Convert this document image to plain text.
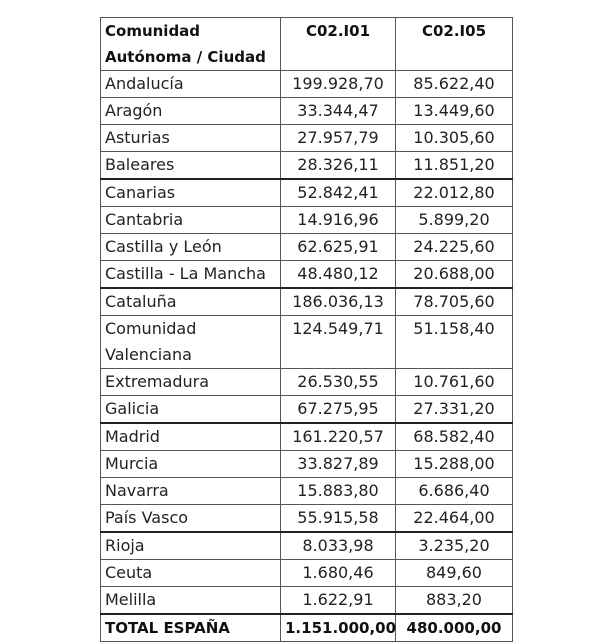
Comunidad Autónoma / Ciudad	C02.I01	C02.I05
Andalucía	199.928,70	85.622,40
Aragón	33.344,47	13.449,60
Asturias	27.957,79	10.305,60
Baleares	28.326,11	11.851,20
Canarias	52.842,41	22.012,80
Cantabria	14.916,96	5.899,20
Castilla y León	62.625,91	24.225,60
Castilla - La Mancha	48.480,12	20.688,00
Cataluña	186.036,13	78.705,60
Comunidad Valenciana	124.549,71	51.158,40
Extremadura	26.530,55	10.761,60
Galicia	67.275,95	27.331,20
Madrid	161.220,57	68.582,40
Murcia	33.827,89	15.288,00
Navarra	15.883,80	6.686,40
País Vasco	55.915,58	22.464,00
Rioja	8.033,98	3.235,20
Ceuta	1.680,46	849,60
Melilla	1.622,91	883,20
TOTAL ESPAÑA	1.151.000,00	480.000,00
